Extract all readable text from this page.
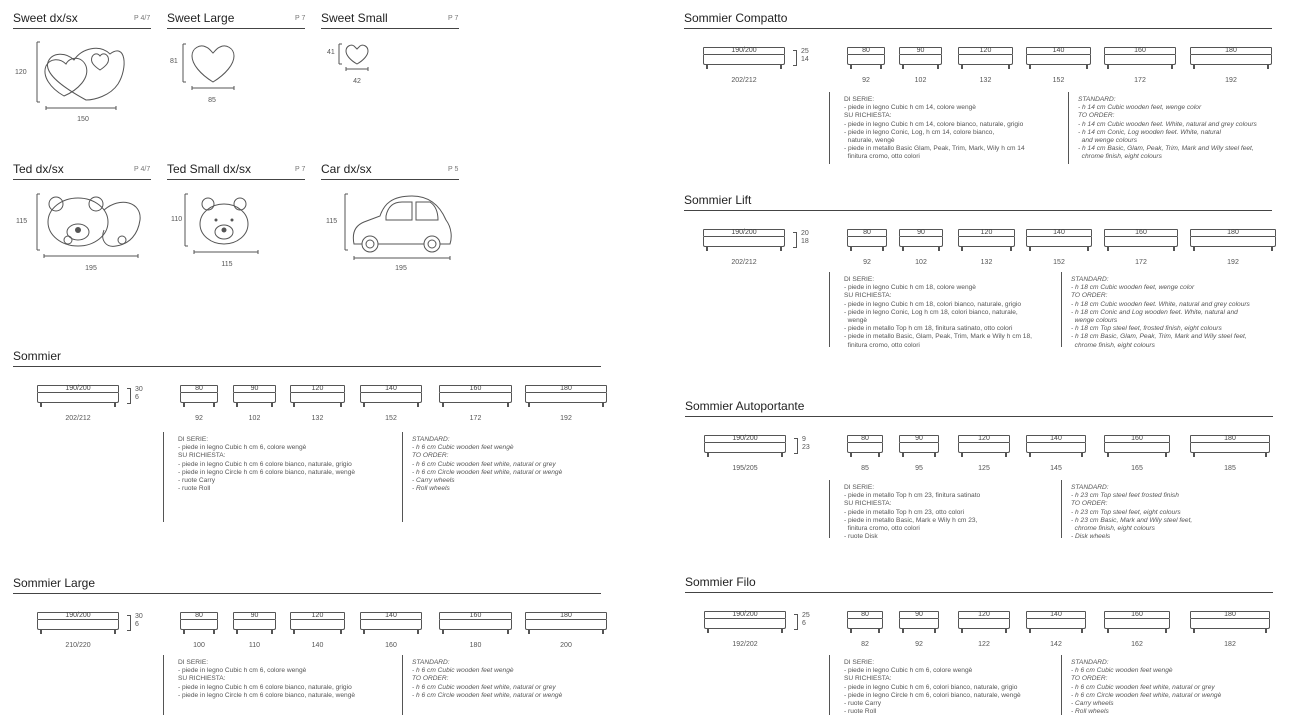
Sweet dx/sx	P 4/7
120
150
Sweet Large	P 7
81
85
Sweet Small	P 7
41
42
Ted dx/sx	P 4/7
115
195
Ted Small dx/sx	P 7
110
115
Car dx/sx	P 5
115
195
Sommier
190/200
202/212
30
6
80
92
90
102
120
132
140
152
160
172
180
192
DI SERIE:
- piede in legno Cubic h cm 6, colore wengè
SU RICHIESTA:
- piede in legno Cubic h cm 6 colore bianco, naturale, grigio
- piede in legno Circle h cm 6 colore bianco, naturale, wengè
- ruote Carry
- ruote Roll
STANDARD:
- h 6 cm Cubic wooden feet wengè
TO ORDER:
- h 6 cm Cubic wooden feet white, natural or grey
- h 6 cm Circle wooden feet white, natural or wengè
- Carry wheels
- Roll wheels
Sommier Large
190/200
210/220
30
6
80
100
90
110
120
140
140
160
160
180
180
200
DI SERIE:
- piede in legno Cubic h cm 6, colore wengè
SU RICHIESTA:
- piede in legno Cubic h cm 6 colore bianco, naturale, grigio
- piede in legno Circle h cm 6 colore bianco, naturale, wengè
STANDARD:
- h 6 cm Cubic wooden feet wengè
TO ORDER:
- h 6 cm Cubic wooden feet white, natural or grey
- h 6 cm Circle wooden feet white, natural or wengè
Sommier Compatto
190/200
202/212
25
14
80
92
90
102
120
132
140
152
160
172
180
192
DI SERIE:
- piede in legno Cubic h cm 14, colore wengè
SU RICHIESTA:
- piede in legno Cubic h cm 14, colore bianco, naturale, grigio
- piede in legno Conic, Log, h cm 14, colore bianco,
naturale, wengè
- piede in metallo Basic Glam, Peak, Trim, Mark, Wily h cm 14
finitura cromo, otto colori
STANDARD:
- h 14 cm Cubic wooden feet, wenge color
TO ORDER:
- h 14 cm Cubic wooden feet. White, natural and grey colours
- h 14 cm Conic, Log wooden feet. White, natural
and wenge colours
- h 14 cm Basic, Glam, Peak, Trim, Mark and Wily steel feet,
chrome finish, eight colours
Sommier Lift
190/200
202/212
20
18
80
92
90
102
120
132
140
152
160
172
180
192
DI SERIE:
- piede in legno Cubic h cm 18, colore wengè
SU RICHIESTA:
- piede in legno Cubic h cm 18, colori bianco, naturale, grigio
- piede in legno Conic, Log h cm 18, colori bianco, naturale,
wengè
- piede in metallo Top h cm 18, finitura satinato, otto colori
- piede in metallo Basic, Glam, Peak, Trim, Mark e Wily h cm 18,
finitura cromo, otto colori
STANDARD:
- h 18 cm Cubic wooden feet, wenge color
TO ORDER:
- h 18 cm Cubic wooden feet. White, natural and grey colours
- h 18 cm Conic and Log wooden feet. White, natural and
wenge colours
- h 18 cm Top steel feet, frosted finish, eight colours
- h 18 cm Basic, Glam, Peak, Trim, Mark and Wily steel feet,
chrome finish, eight colours
Sommier Autoportante
190/200
195/205
9
23
80
85
90
95
120
125
140
145
160
165
180
185
DI SERIE:
- piede in metallo Top h cm 23, finitura satinato
SU RICHIESTA:
- piede in metallo Top h cm 23, otto colori
- piede in metallo Basic, Mark e Wily h cm 23,
finitura cromo, otto colori
- ruote Disk
STANDARD:
- h 23 cm Top steel feet frosted finish
TO ORDER:
- h 23 cm Top steel feet, eight colours
- h 23 cm Basic, Mark and Wily steel feet,
chrome finish, eight colours
- Disk wheels
Sommier Filo
190/200
192/202
25
6
80
82
90
92
120
122
140
142
160
162
180
182
DI SERIE:
- piede in legno Cubic h cm 6, colore wengè
SU RICHIESTA:
- piede in legno Cubic h cm 6, colori bianco, naturale, grigio
- piede in legno Circle h cm 6, colori bianco, naturale, wengè
- ruote Carry
- ruote Roll
STANDARD:
- h 6 cm Cubic wooden feet wengè
TO ORDER:
- h 6 cm Cubic wooden feet white, natural or grey
- h 6 cm Circle wooden feet white, natural or wengè
- Carry wheels
- Roll wheels
